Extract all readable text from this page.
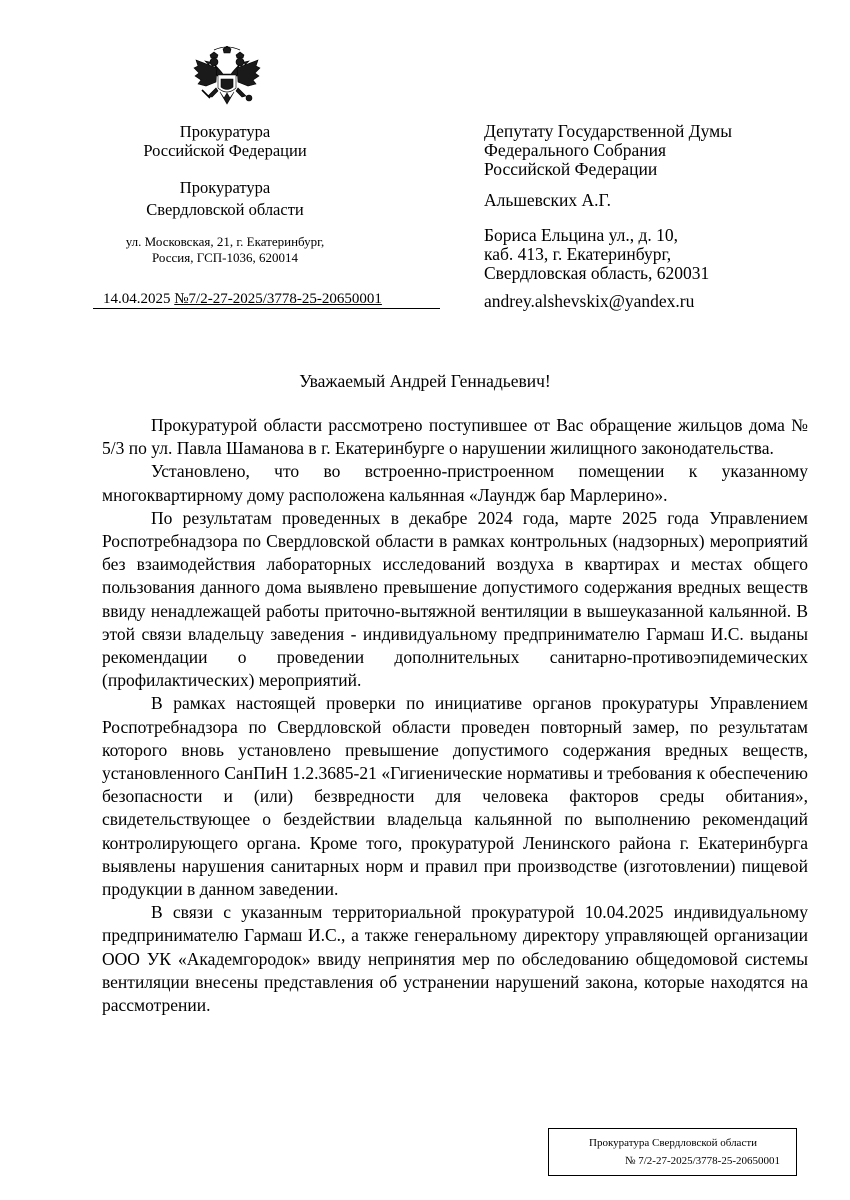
Прокуратура
Российской Федерации
Прокуратура
Свердловской области
ул. Московская, 21, г. Екатеринбург,
Россия, ГСП-1036, 620014
14.04.2025 №7/2-27-2025/3778-25-20650001
Депутату Государственной Думы
Федерального Собрания
Российской Федерации
Альшевских А.Г.
Бориса Ельцина ул., д. 10,
каб. 413, г. Екатеринбург,
Свердловская область, 620031
andrey.alshevskix@yandex.ru
Уважаемый Андрей Геннадьевич!

Прокуратурой области рассмотрено поступившее от Вас обращение жильцов дома № 5/3 по ул. Павла Шаманова в г. Екатеринбурге о нарушении жилищного законодательства.

Установлено, что во встроенно-пристроенном помещении к указанному многоквартирному дому расположена кальянная «Лаундж бар Марлерино».

По результатам проведенных в декабре 2024 года, марте 2025 года Управлением Роспотребнадзора по Свердловской области в рамках контрольных (надзорных) мероприятий без взаимодействия лабораторных исследований воздуха в квартирах и местах общего пользования данного дома выявлено превышение допустимого содержания вредных веществ ввиду ненадлежащей работы приточно-вытяжной вентиляции в вышеуказанной кальянной. В этой связи владельцу заведения - индивидуальному предпринимателю Гармаш И.С. выданы рекомендации о проведении дополнительных санитарно-противоэпидемических (профилактических) мероприятий.

В рамках настоящей проверки по инициативе органов прокуратуры Управлением Роспотребнадзора по Свердловской области проведен повторный замер, по результатам которого вновь установлено превышение допустимого содержания вредных веществ, установленного СанПиН 1.2.3685-21 «Гигиенические нормативы и требования к обеспечению безопасности и (или) безвредности для человека факторов среды обитания», свидетельствующее о бездействии владельца кальянной по выполнению рекомендаций контролирующего органа. Кроме того, прокуратурой Ленинского района г. Екатеринбурга выявлены нарушения санитарных норм и правил при производстве (изготовлении) пищевой продукции в данном заведении.

В связи с указанным территориальной прокуратурой 10.04.2025 индивидуальному предпринимателю Гармаш И.С., а также генеральному директору управляющей организации ООО УК «Академгородок» ввиду непринятия мер по обследованию общедомовой системы вентиляции внесены представления об устранении нарушений закона, которые находятся на рассмотрении.

Прокуратура Свердловской области
№ 7/2-27-2025/3778-25-20650001
